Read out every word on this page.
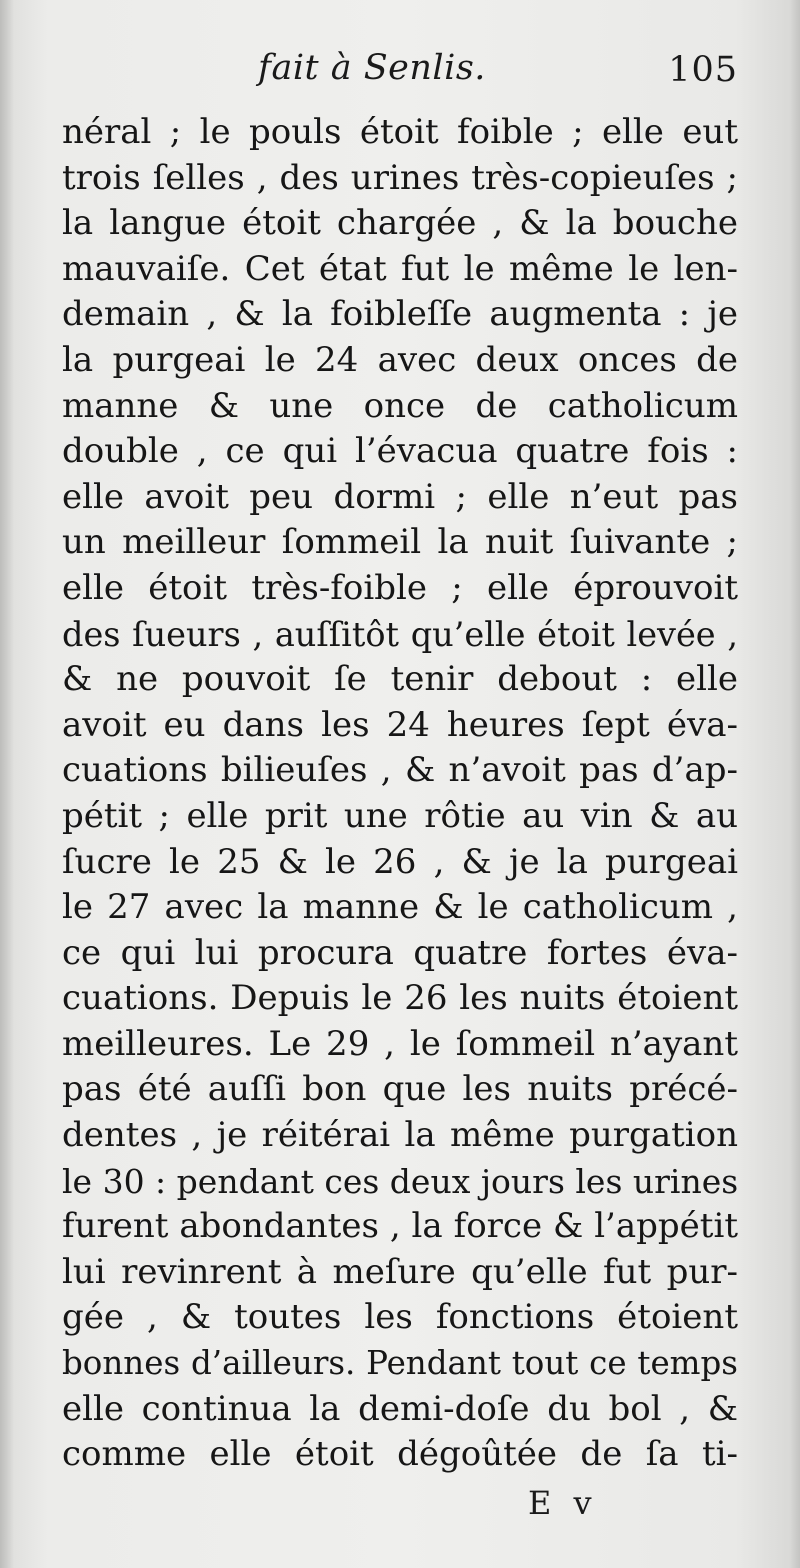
fait à Senlis.	105
néral ; le pouls étoit foible ; elle eut
trois ſelles , des urines très-copieuſes ;
la langue étoit chargée , & la bouche
mauvaiſe. Cet état fut le même le len-
demain , & la foibleſſe augmenta : je
la purgeai le 24 avec deux onces de
manne & une once de catholicum
double , ce qui l’évacua quatre fois :
elle avoit peu dormi ; elle n’eut pas
un meilleur ſommeil la nuit ſuivante ;
elle étoit très-foible ; elle éprouvoit
des ſueurs , auſſitôt qu’elle étoit levée ,
& ne pouvoit ſe tenir debout : elle
avoit eu dans les 24 heures ſept éva-
cuations bilieuſes , & n’avoit pas d’ap-
pétit ; elle prit une rôtie au vin & au
ſucre le 25 & le 26 , & je la purgeai
le 27 avec la manne & le catholicum ,
ce qui lui procura quatre fortes éva-
cuations. Depuis le 26 les nuits étoient
meilleures. Le 29 , le ſommeil n’ayant
pas été auſſi bon que les nuits précé-
dentes , je réitérai la même purgation
le 30 : pendant ces deux jours les urines
furent abondantes , la force & l’appétit
lui revinrent à meſure qu’elle fut pur-
gée , & toutes les fonctions étoient
bonnes d’ailleurs. Pendant tout ce temps
elle continua la demi-doſe du bol , &
comme elle étoit dégoûtée de ſa ti-
E v
